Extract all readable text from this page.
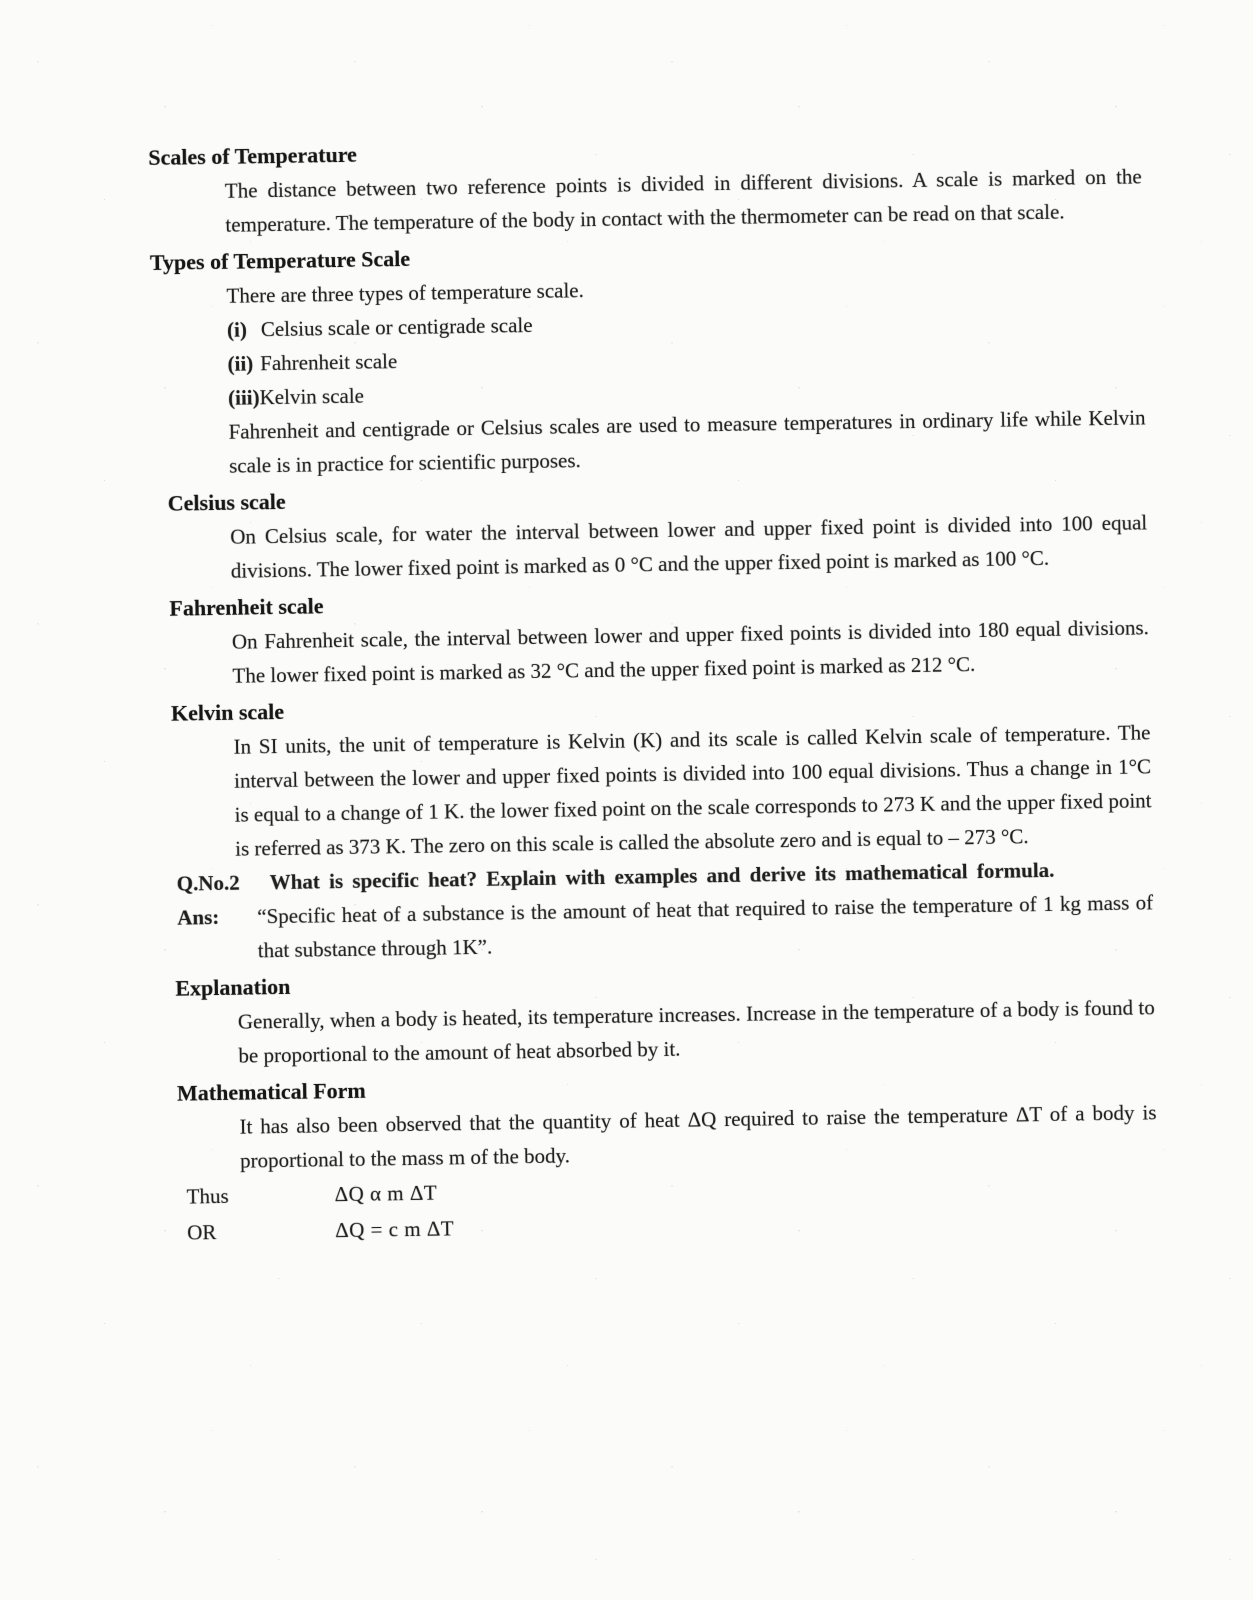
Scales of Temperature

The distance between two reference points is divided in different divisions. A scale is marked on the temperature. The temperature of the body in contact with the thermometer can be read on that scale.

Types of Temperature Scale

There are three types of temperature scale.

(i) Celsius scale or centigrade scale
(ii) Fahrenheit scale
(iii)Kelvin scale

Fahrenheit and centigrade or Celsius scales are used to measure temperatures in ordinary life while Kelvin scale is in practice for scientific purposes.

Celsius scale

On Celsius scale, for water the interval between lower and upper fixed point is divided into 100 equal divisions. The lower fixed point is marked as 0 °C and the upper fixed point is marked as 100 °C.

Fahrenheit scale

On Fahrenheit scale, the interval between lower and upper fixed points is divided into 180 equal divisions. The lower fixed point is marked as 32 °C and the upper fixed point is marked as 212 °C.

Kelvin scale

In SI units, the unit of temperature is Kelvin (K) and its scale is called Kelvin scale of temperature. The interval between the lower and upper fixed points is divided into 100 equal divisions. Thus a change in 1°C is equal to a change of 1 K. the lower fixed point on the scale corresponds to 273 K and the upper fixed point is referred as 373 K. The zero on this scale is called the absolute zero and is equal to – 273 °C.

Q.No.2	What is specific heat? Explain with examples and derive its mathematical formula.

Ans:	“Specific heat of a substance is the amount of heat that required to raise the temperature of 1 kg mass of that substance through 1K”.

Explanation

Generally, when a body is heated, its temperature increases. Increase in the temperature of a body is found to be proportional to the amount of heat absorbed by it.

Mathematical Form

It has also been observed that the quantity of heat ΔQ required to raise the temperature ΔT of a body is proportional to the mass m of the body.

Thus	ΔQ α m ΔT
OR	ΔQ = c m ΔT
